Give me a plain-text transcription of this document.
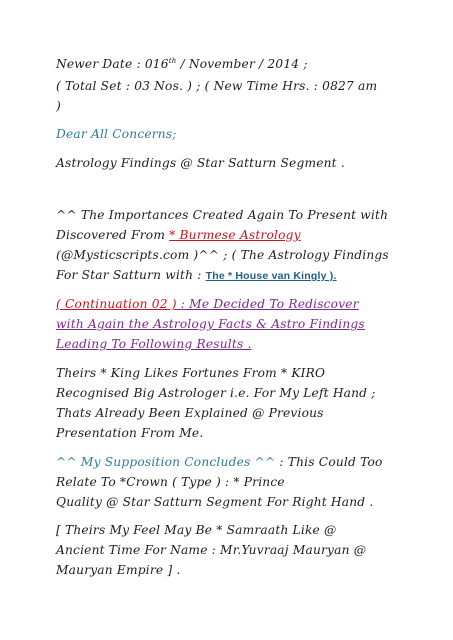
Newer Date : 016th / November / 2014 ;
( Total Set : 03 Nos. ) ; ( New Time Hrs. : 0827 am
)
Dear All Concerns;
Astrology Findings @ Star Satturn Segment .
^^ The Importances Created Again To Present with
Discovered From * Burmese Astrology
(@Mysticscripts.com )^^ ; ( The Astrology Findings
For Star Satturn with : The * House van Kingly ).
( Continuation 02 ) : Me Decided To Rediscover
with Again the Astrology Facts & Astro Findings
Leading To Following Results .
Theirs * King Likes Fortunes From * KIRO
Recognised Big Astrologer i.e. For My Left Hand ;
Thats Already Been Explained @ Previous
Presentation From Me.
^^ My Supposition Concludes ^^ : This Could Too
Relate To *Crown ( Type ) : * Prince
Quality @ Star Satturn Segment For Right Hand .
[ Theirs My Feel May Be * Samraath Like @
Ancient Time For Name : Mr.Yuvraaj Mauryan @
Mauryan Empire ] .
